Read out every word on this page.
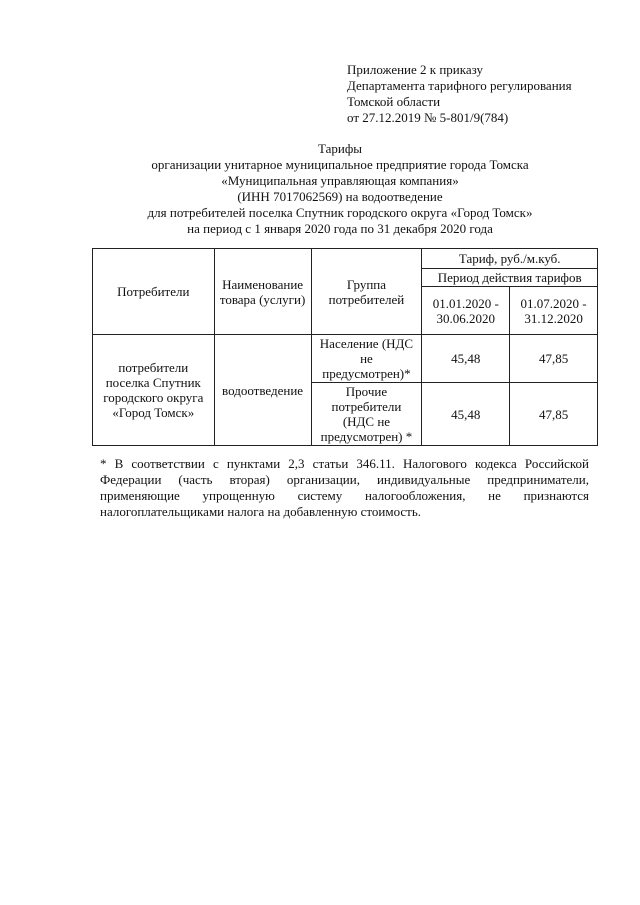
Приложение 2 к приказу
Департамента тарифного регулирования
Томской области
от 27.12.2019 № 5-801/9(784)
Тарифы
организации унитарное муниципальное предприятие города Томска
«Муниципальная управляющая компания»
(ИНН 7017062569) на водоотведение
для потребителей поселка Спутник городского округа «Город Томск»
на период с 1 января 2020 года по 31 декабря 2020 года
Потребители	Наименование товара (услуги)	Группа потребителей	Тариф, руб./м.куб.	
			Период действия тарифов	
			01.01.2020 - 30.06.2020	01.07.2020 - 31.12.2020
потребители поселка Спутник городского округа «Город Томск»	водоотведение	Население (НДС не предусмотрен)*	45,48	47,85
		Прочие потребители (НДС не предусмотрен) *	45,48	47,85

* В соответствии с пунктами 2,3 статьи 346.11. Налогового кодекса Российской Федерации (часть вторая) организации, индивидуальные предприниматели, применяющие упрощенную систему налогообложения, не признаются налогоплательщиками налога на добавленную стоимость.
